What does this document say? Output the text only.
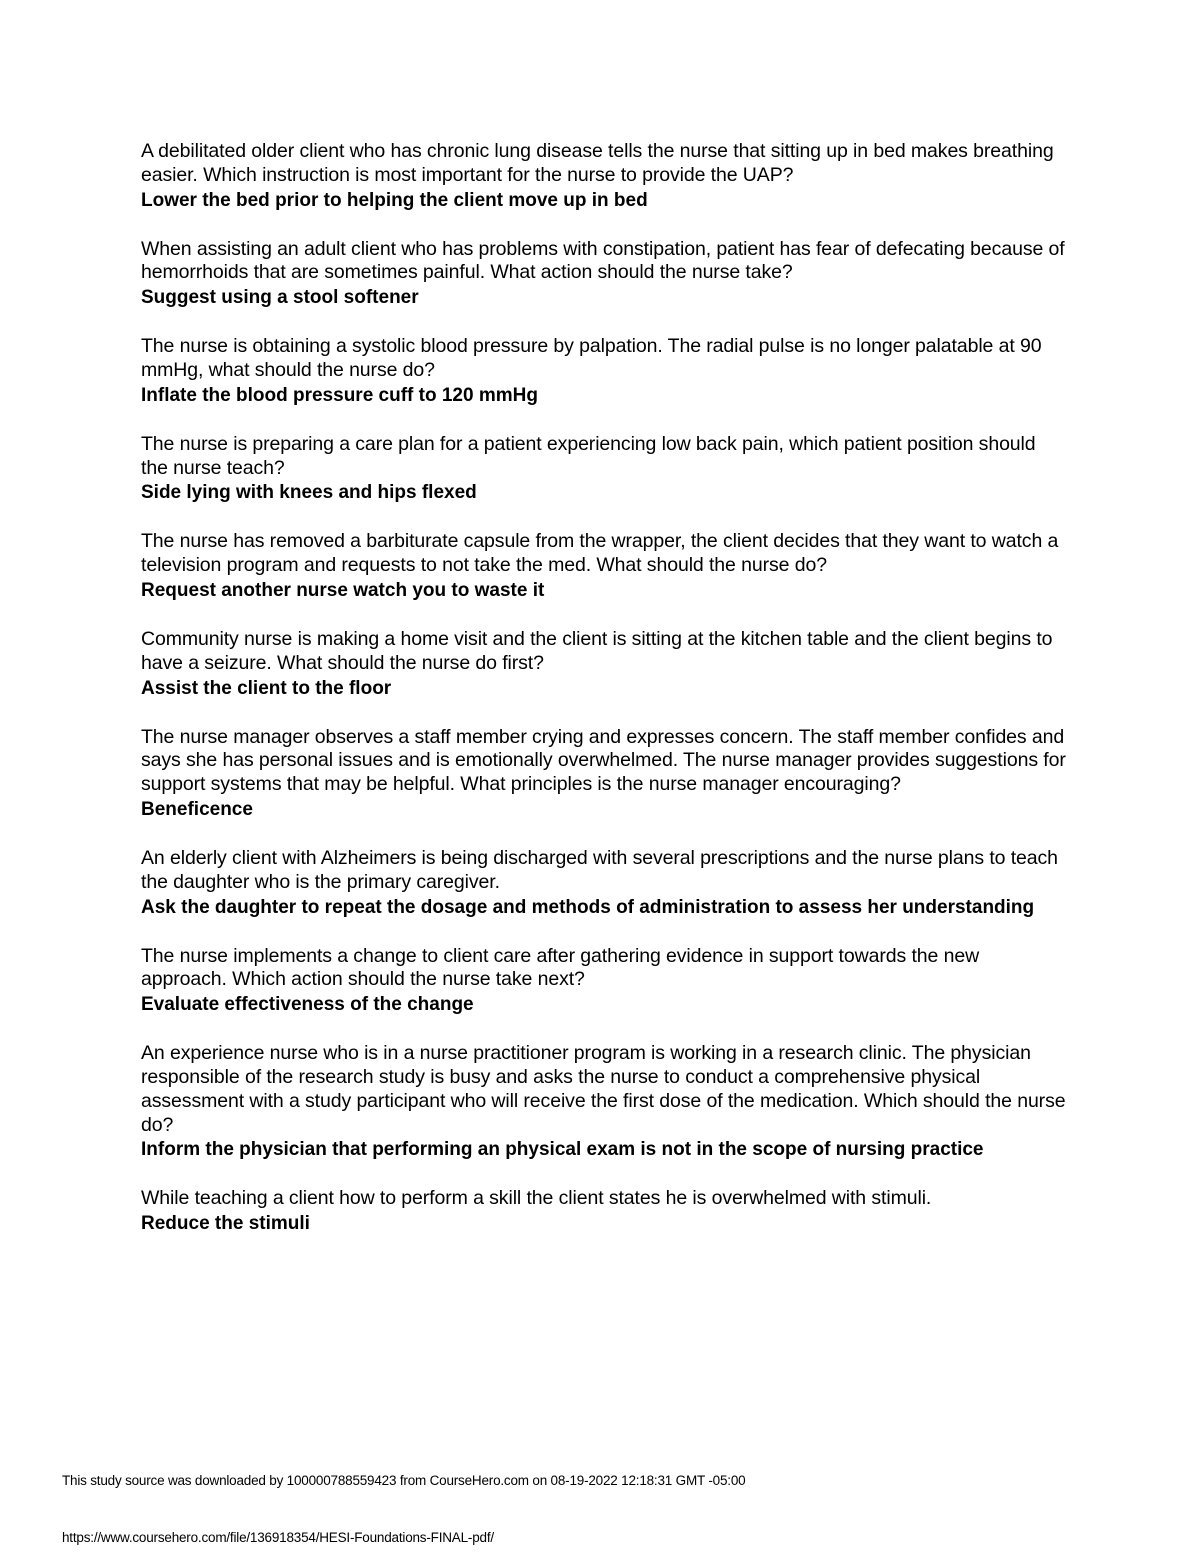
A debilitated older client who has chronic lung disease tells the nurse that sitting up in bed makes breathing easier. Which instruction is most important for the nurse to provide the UAP?

Lower the bed prior to helping the client move up in bed

When assisting an adult client who has problems with constipation, patient has fear of defecating because of hemorrhoids that are sometimes painful. What action should the nurse take?

Suggest using a stool softener

The nurse is obtaining a systolic blood pressure by palpation. The radial pulse is no longer palatable at 90 mmHg, what should the nurse do?

Inflate the blood pressure cuff to 120 mmHg

The nurse is preparing a care plan for a patient experiencing low back pain, which patient position should the nurse teach?

Side lying with knees and hips flexed

The nurse has removed a barbiturate capsule from the wrapper, the client decides that they want to watch a television program and requests to not take the med. What should the nurse do?

Request another nurse watch you to waste it

Community nurse is making a home visit and the client is sitting at the kitchen table and the client begins to have a seizure. What should the nurse do first?

Assist the client to the floor

The nurse manager observes a staff member crying and expresses concern. The staff member confides and says she has personal issues and is emotionally overwhelmed. The nurse manager provides suggestions for support systems that may be helpful. What principles is the nurse manager encouraging?

Beneficence

An elderly client with Alzheimers is being discharged with several prescriptions and the nurse plans to teach the daughter who is the primary caregiver.

Ask the daughter to repeat the dosage and methods of administration to assess her understanding

The nurse implements a change to client care after gathering evidence in support towards the new approach. Which action should the nurse take next?

Evaluate effectiveness of the change

An experience nurse who is in a nurse practitioner program is working in a research clinic. The physician responsible of the research study is busy and asks the nurse to conduct a comprehensive physical assessment with a study participant who will receive the first dose of the medication. Which should the nurse do?

Inform the physician that performing an physical exam is not in the scope of nursing practice

While teaching a client how to perform a skill the client states he is overwhelmed with stimuli.

Reduce the stimuli

This study source was downloaded by 100000788559423 from CourseHero.com on 08-19-2022 12:18:31 GMT -05:00
https://www.coursehero.com/file/136918354/HESI-Foundations-FINAL-pdf/
